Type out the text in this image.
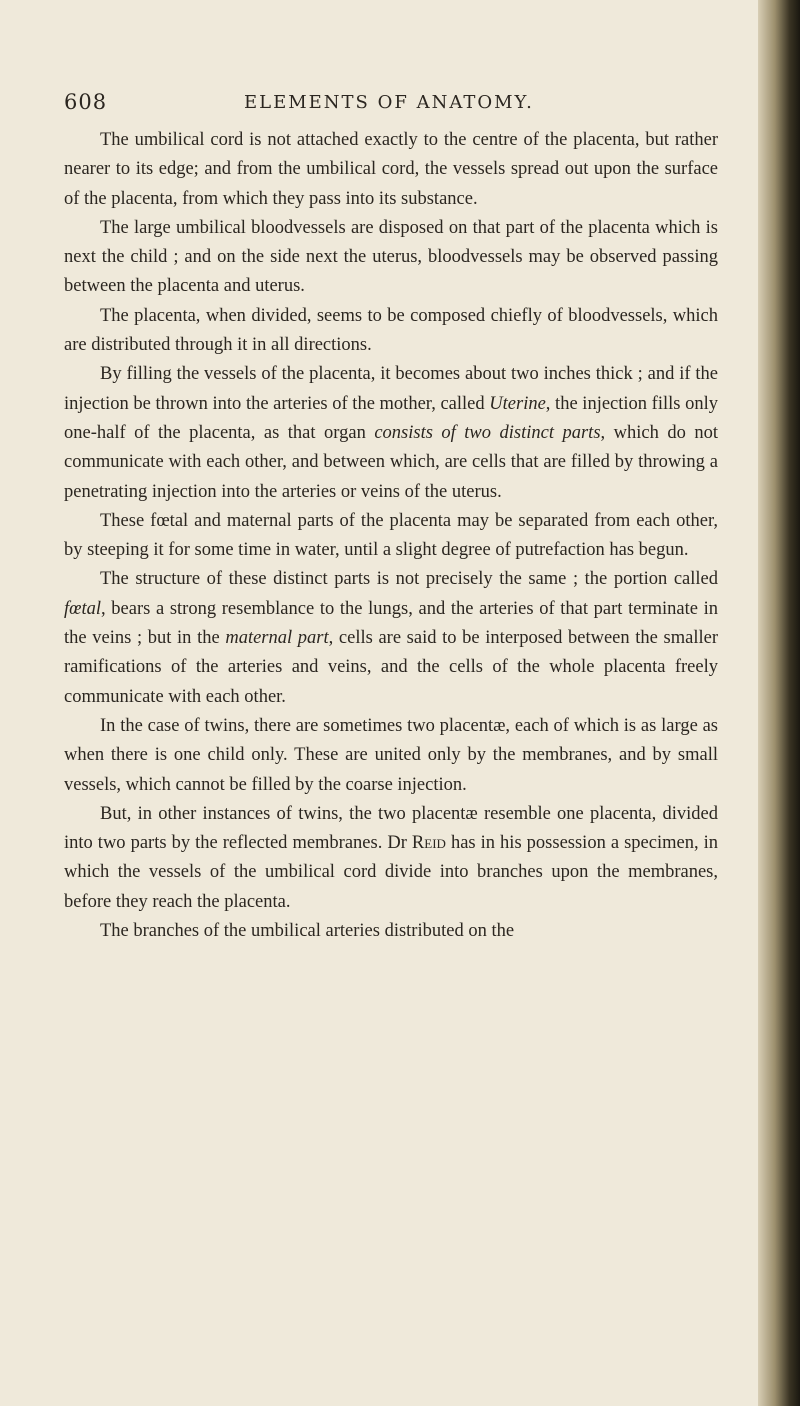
608	ELEMENTS OF ANATOMY.

The umbilical cord is not attached exactly to the centre of the placenta, but rather nearer to its edge; and from the umbilical cord, the vessels spread out upon the surface of the placenta, from which they pass into its substance.

The large umbilical bloodvessels are disposed on that part of the placenta which is next the child ; and on the side next the uterus, bloodvessels may be observed passing between the placenta and uterus.

The placenta, when divided, seems to be composed chiefly of bloodvessels, which are distributed through it in all directions.

By filling the vessels of the placenta, it becomes about two inches thick ; and if the injection be thrown into the arteries of the mother, called Uterine, the injection fills only one-half of the placenta, as that organ consists of two distinct parts, which do not communicate with each other, and between which, are cells that are filled by throwing a penetrating injection into the arteries or veins of the uterus.

These fœtal and maternal parts of the placenta may be separated from each other, by steeping it for some time in water, until a slight degree of putrefaction has begun.

The structure of these distinct parts is not precisely the same ; the portion called fœtal, bears a strong resemblance to the lungs, and the arteries of that part terminate in the veins ; but in the maternal part, cells are said to be interposed between the smaller ramifications of the arteries and veins, and the cells of the whole placenta freely communicate with each other.

In the case of twins, there are sometimes two placentæ, each of which is as large as when there is one child only. These are united only by the membranes, and by small vessels, which cannot be filled by the coarse injection.

But, in other instances of twins, the two placentæ resemble one placenta, divided into two parts by the reflected membranes. Dr Reid has in his possession a specimen, in which the vessels of the umbilical cord divide into branches upon the membranes, before they reach the placenta.

The branches of the umbilical arteries distributed on the
